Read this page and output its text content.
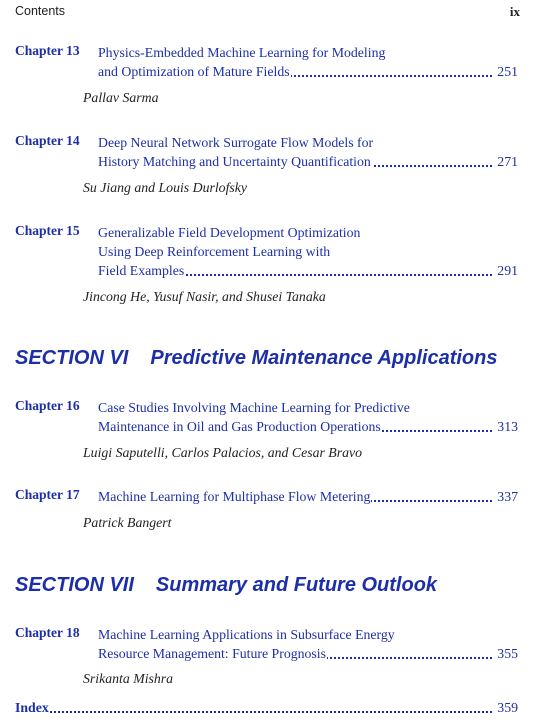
Contents	ix
Chapter 13 Physics-Embedded Machine Learning for Modeling
and Optimization of Mature Fields	251
Pallav Sarma
Chapter 14 Deep Neural Network Surrogate Flow Models for
History Matching and Uncertainty Quantification	271
Su Jiang and Louis Durlofsky
Chapter 15 Generalizable Field Development Optimization
Using Deep Reinforcement Learning with
Field Examples	291
Jincong He, Yusuf Nasir, and Shusei Tanaka
SECTION VI Predictive Maintenance Applications
Chapter 16 Case Studies Involving Machine Learning for Predictive
Maintenance in Oil and Gas Production Operations	313
Luigi Saputelli, Carlos Palacios, and Cesar Bravo
Chapter 17 Machine Learning for Multiphase Flow Metering	337
Patrick Bangert
SECTION VII Summary and Future Outlook
Chapter 18 Machine Learning Applications in Subsurface Energy
Resource Management: Future Prognosis	355
Srikanta Mishra
Index	359
